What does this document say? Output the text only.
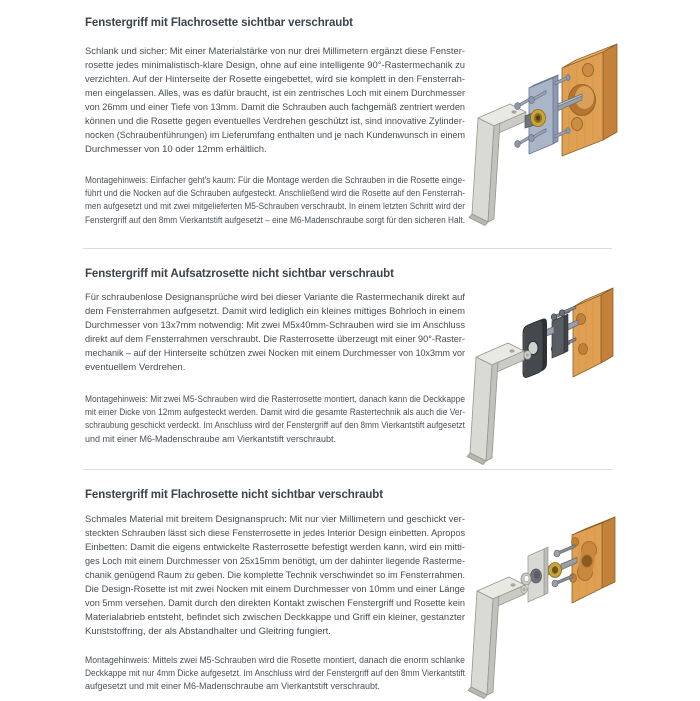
Fenstergriff mit Flachrosette sichtbar verschraubt
Schlank und sicher: Mit einer Materialstärke von nur drei Millimetern ergänzt diese Fenster-
rosette jedes minimalistisch-klare Design, ohne auf eine intelligente 90°-Rastermechanik zu
verzichten. Auf der Hinterseite der Rosette eingebettet, wird sie komplett in den Fensterrah-
men eingelassen. Alles, was es dafür braucht, ist ein zentrisches Loch mit einem Durchmesser
von 26mm und einer Tiefe von 13mm. Damit die Schrauben auch fachgemäß zentriert werden
können und die Rosette gegen eventuelles Verdrehen geschützt ist, sind innovative Zylinder-
nocken (Schraubenführungen) im Lieferumfang enthalten und je nach Kundenwunsch in einem
Durchmesser von 10 oder 12mm erhältlich.
Montagehinweis: Einfacher geht's kaum: Für die Montage werden die Schrauben in die Rosette einge-
führt und die Nocken auf die Schrauben aufgesteckt. Anschließend wird die Rosette auf den Fensterrah-
men aufgesetzt und mit zwei mitgelieferten M5-Schrauben verschraubt. In einem letzten Schritt wird der
Fenstergriff auf den 8mm Vierkantstift aufgesetzt – eine M6-Madenschraube sorgt für den sicheren Halt.
Fenstergriff mit Aufsatzrosette nicht sichtbar verschraubt
Für schraubenlose Designansprüche wird bei dieser Variante die Rastermechanik direkt auf
dem Fensterrahmen aufgesetzt. Damit wird lediglich ein kleines mittiges Bohrloch in einem
Durchmesser von 13x7mm notwendig: Mit zwei M5x40mm-Schrauben wird sie im Anschluss
direkt auf dem Fensterrahmen verschraubt. Die Rasterrosette überzeugt mit einer 90°-Raster-
mechanik – auf der Hinterseite schützen zwei Nocken mit einem Durchmesser von 10x3mm vor
eventuellem Verdrehen.
Montagehinweis: Mit zwei M5-Schrauben wird die Rasterrosette montiert, danach kann die Deckkappe
mit einer Dicke von 12mm aufgesteckt werden. Damit wird die gesamte Rastertechnik als auch die Ver-
schraubung geschickt verdeckt. Im Anschluss wird der Fenstergriff auf den 8mm Vierkantstift aufgesetzt
und mit einer M6-Madenschraube am Vierkantstift verschraubt.
Fenstergriff mit Flachrosette nicht sichtbar verschraubt
Schmales Material mit breitem Designanspruch: Mit nur vier Millimetern und geschickt ver-
steckten Schrauben lässt sich diese Fensterrosette in jedes Interior Design einbetten. Apropos
Einbetten: Damit die eigens entwickelte Rasterrosette befestigt werden kann, wird ein mitti-
ges Loch mit einem Durchmesser von 25x15mm benötigt, um der dahinter liegende Rasterme-
chanik genügend Raum zu geben. Die komplette Technik verschwindet so im Fensterrahmen.
Die Design-Rosette ist mit zwei Nocken mit einem Durchmesser von 10mm und einer Länge
von 5mm versehen. Damit durch den direkten Kontakt zwischen Fenstergriff und Rosette kein
Materialabrieb entsteht, befindet sich zwischen Deckkappe und Griff ein kleiner, gestanzter
Kunststoffring, der als Abstandhalter und Gleitring fungiert.
Montagehinweis: Mittels zwei M5-Schrauben wird die Rosette montiert, danach die enorm schlanke
Deckkappe mit nur 4mm Dicke aufgesetzt. Im Anschluss wird der Fenstergriff auf den 8mm Vierkantstift
aufgesetzt und mit einer M6-Madenschraube am Vierkantstift verschraubt.
